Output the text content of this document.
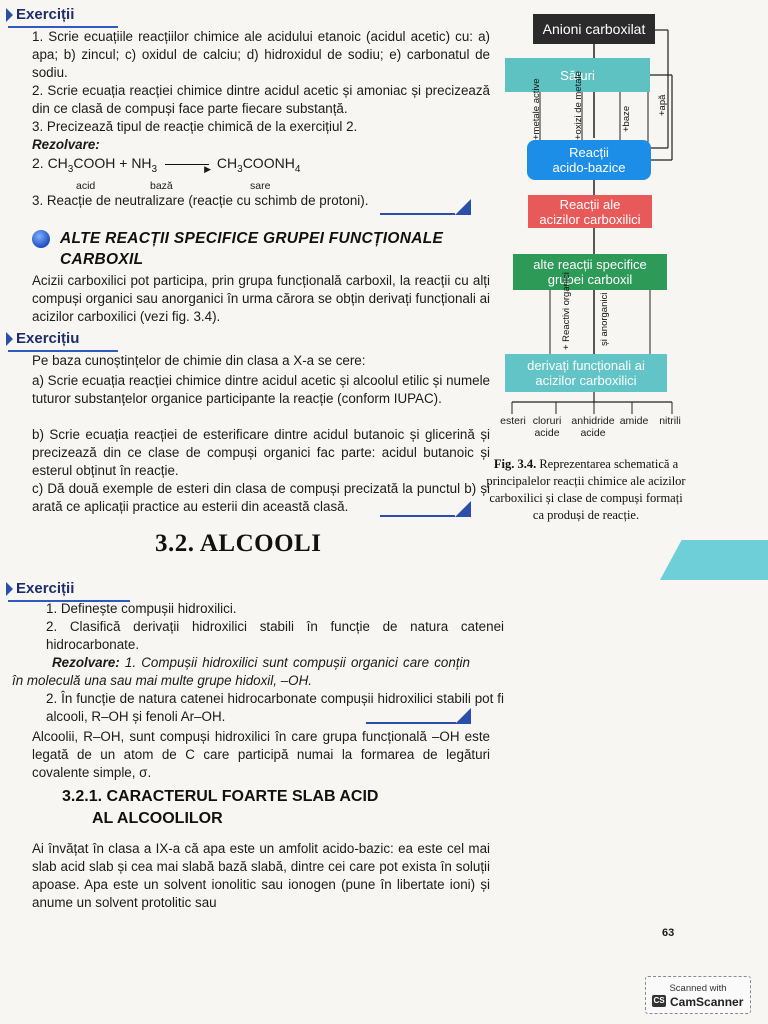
Exerciții
1. Scrie ecuațiile reacțiilor chimice ale acidului etanoic (acidul acetic) cu: a) apa; b) zincul; c) oxidul de calciu; d) hidroxidul de sodiu; e) carbonatul de sodiu.
2. Scrie ecuația reacției chimice dintre acidul acetic și amoniac și precizează din ce clasă de compuși face parte fiecare substanță.
3. Precizează tipul de reacție chimică de la exercițiul 2.
Rezolvare:
2. $CH_3COOH + NH_3$	▶ $CH_3COONH_4$
acid	bază	sare
3. Reacție de neutralizare (reacție cu schimb de protoni).
ALTE REACȚII SPECIFICE GRUPEI FUNCȚIONALE
CARBOXIL
Acizii carboxilici pot participa, prin grupa funcțională carboxil, la reacții cu alți compuși organici sau anorganici în urma cărora se obțin derivați funcționali ai acizilor carboxilici (vezi fig. 3.4).
Exercițiu
Pe baza cunoștințelor de chimie din clasa a X-a se cere:
a) Scrie ecuația reacției chimice dintre acidul acetic și alcoolul etilic și numele tuturor substanțelor organice participante la reacție (conform IUPAC).
b) Scrie ecuația reacției de esterificare dintre acidul butanoic și glicerină și precizează din ce clase de compuși organici fac parte: acidul butanoic și esterul obținut în reacție.
c) Dă două exemple de esteri din clasa de compuși precizată la punctul b) și arată ce aplicații practice au esterii din această clasă.
3.2. ALCOOLI
Exerciții
1. Definește compușii hidroxilici.
2. Clasifică derivații hidroxilici stabili în funcție de natura catenei hidrocarbonate.
Rezolvare: 1. Compușii hidroxilici sunt compușii organici care conțin în moleculă una sau mai multe grupe hidoxil, –OH.
2. În funcție de natura catenei hidrocarbonate compușii hidroxilici stabili pot fi alcooli, R–OH și fenoli Ar–OH.
Alcoolii, R–OH, sunt compuși hidroxilici în care grupa funcțională –OH este legată de un atom de C care participă numai la formarea de legături covalente simple, σ.
3.2.1. CARACTERUL FOARTE SLAB ACID
AL ALCOOLILOR
Ai învățat în clasa a IX-a că apa este un amfolit acido-bazic: ea este cel mai slab acid slab și cea mai slabă bază slabă, dintre cei care pot exista în soluții apoase. Apa este un solvent ionolitic sau ionogen (pune în libertate ioni) și anume un solvent protolitic sau
Anioni carboxilat
Săruri
+metale active	+oxizi de metale	+baze
+apă
Reacții
acido-bazice
Reacții ale
acizilor carboxilici
alte reacții specifice
grupei carboxil
+ Reactivi organici	și anorganici
derivați funcționali ai
acizilor carboxilici
esteri cloruri acide
anhidride acide
amide	nitrili
Fig. 3.4. Reprezentarea schematică a principalelor reacții chimice ale acizilor carboxilici și clase de compuși formați ca produși de reacție.
63
Scanned with
CS CamScanner
